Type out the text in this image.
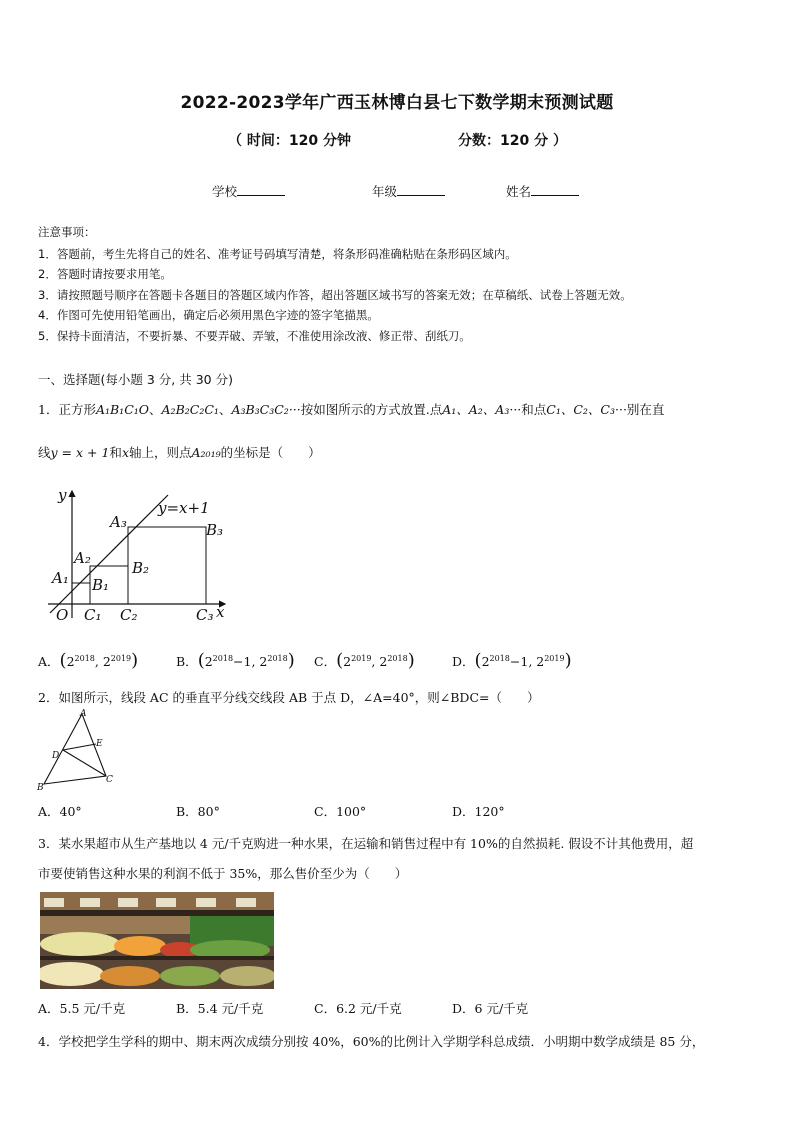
2022-2023学年广西玉林博白县七下数学期末预测试题
（ 时间：120 分钟	分数：120 分 ）
学校	年级	姓名
注意事项：
1．答题前，考生先将自己的姓名、准考证号码填写清楚，将条形码准确粘贴在条形码区域内。
2．答题时请按要求用笔。
3．请按照题号顺序在答题卡各题目的答题区域内作答，超出答题区域书写的答案无效；在草稿纸、试卷上答题无效。
4．作图可先使用铅笔画出，确定后必须用黑色字迹的签字笔描黑。
5．保持卡面清洁，不要折暴、不要弄破、弄皱，不准使用涂改液、修正带、刮纸刀。
一、选择题(每小题 3 分, 共 30 分)
1．正方形A₁B₁C₁O、A₂B₂C₂C₁、A₃B₃C₃C₂···按如图所示的方式放置.点A₁、A₂、A₃···和点C₁、C₂、C₃···别在直
线y = x + 1和x轴上，则点A₂₀₁₉的坐标是（　　）
y
y=x+1
A₃	B₃
A₂
B₂
A₁ B₁
O C₁ C₂	C₃ x
A．($2^{2018}$, $2^{2019}$)	B．($2^{2018}-1$, $2^{2018}$) C．($2^{2019}$, $2^{2018}$)	D．($2^{2018}-1$, $2^{2019}$)
2．如图所示，线段 AC 的垂直平分线交线段 AB 于点 D，∠A=40°，则∠BDC=（　　）
A
B
C
D
E
A．40°	B．80°	C．100°	D．120°
3．某水果超市从生产基地以 4 元/千克购进一种水果，在运输和销售过程中有 10%的自然损耗. 假设不计其他费用，超
市要使销售这种水果的利润不低于 35%，那么售价至少为（　　）
A．5.5 元/千克	B．5.4 元/千克	C．6.2 元/千克	D．6 元/千克
4．学校把学生学科的期中、期末两次成绩分别按 40%，60%的比例计入学期学科总成绩．小明期中数学成绩是 85 分，
